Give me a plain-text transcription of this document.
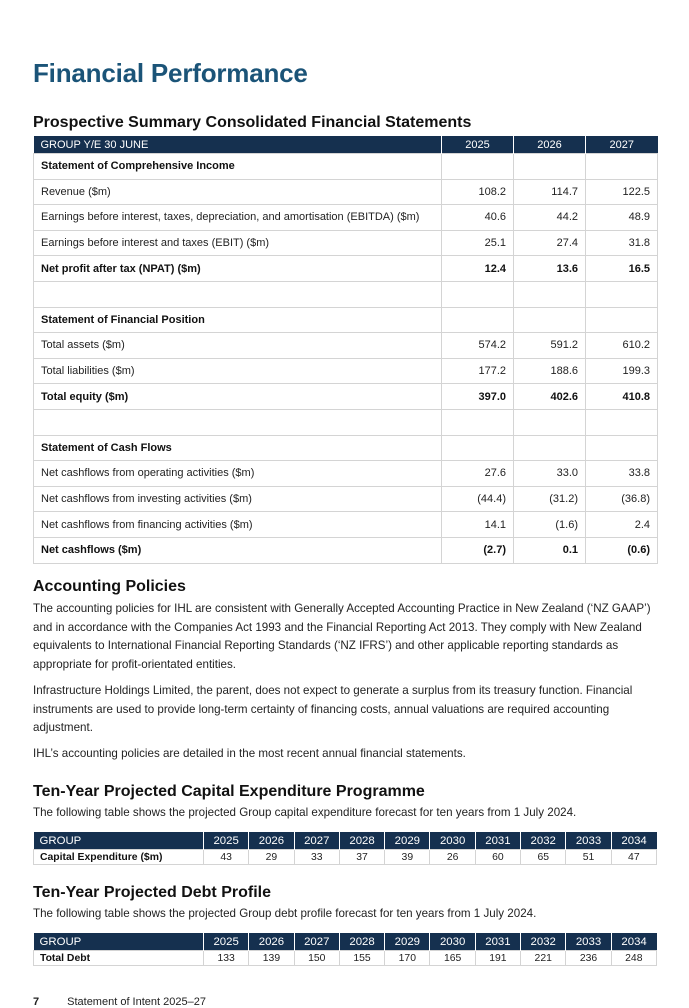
Financial Performance
Prospective Summary Consolidated Financial Statements
GROUP Y/E 30 JUNE	2025	2026	2027
Statement of Comprehensive Income			
Revenue ($m)	108.2	114.7	122.5
Earnings before interest, taxes, depreciation, and amortisation (EBITDA) ($m)	40.6	44.2	48.9
Earnings before interest and taxes (EBIT) ($m)	25.1	27.4	31.8
Net profit after tax (NPAT) ($m)	12.4	13.6	16.5

Statement of Financial Position			
Total assets ($m)	574.2	591.2	610.2
Total liabilities ($m)	177.2	188.6	199.3
Total equity ($m)	397.0	402.6	410.8

Statement of Cash Flows			
Net cashflows from operating activities ($m)	27.6	33.0	33.8
Net cashflows from investing activities ($m)	(44.4)	(31.2)	(36.8)
Net cashflows from financing activities ($m)	14.1	(1.6)	2.4
Net cashflows ($m)	(2.7)	0.1	(0.6)
Accounting Policies

The accounting policies for IHL are consistent with Generally Accepted Accounting Practice in New Zealand (‘NZ GAAP’) and in accordance with the Companies Act 1993 and the Financial Reporting Act 2013. They comply with New Zealand equivalents to International Financial Reporting Standards (‘NZ IFRS’) and other applicable reporting standards as appropriate for profit-orientated entities.

Infrastructure Holdings Limited, the parent, does not expect to generate a surplus from its treasury function. Financial instruments are used to provide long-term certainty of financing costs, annual valuations are required accounting adjustment.

IHL’s accounting policies are detailed in the most recent annual financial statements.

Ten-Year Projected Capital Expenditure Programme

The following table shows the projected Group capital expenditure forecast for ten years from 1 July 2024.

GROUP	2025	2026	2027	2028	2029	2030	2031	2032	2033	2034
Capital Expenditure ($m)	43	29	33	37	39	26	60	65	51	47
Ten-Year Projected Debt Profile

The following table shows the projected Group debt profile forecast for ten years from 1 July 2024.

GROUP	2025	2026	2027	2028	2029	2030	2031	2032	2033	2034
Total Debt	133	139	150	155	170	165	191	221	236	248
7	Statement of Intent 2025–27
